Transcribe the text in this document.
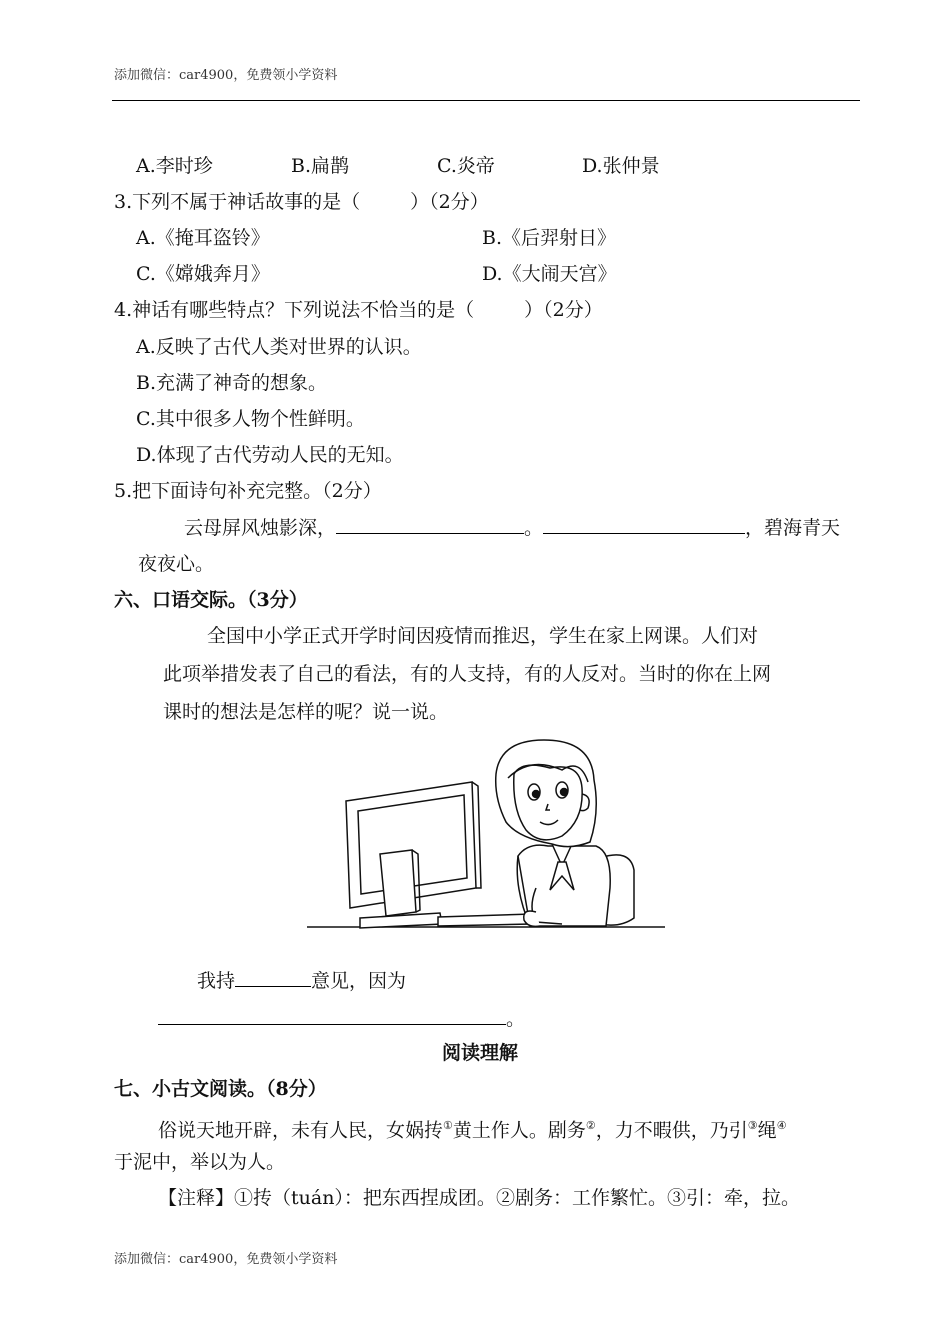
添加微信：car4900，免费领小学资料
A.李时珍	B.扁鹊	C.炎帝	D.张仲景
3.下列不属于神话故事的是（	）（2分）
A.《掩耳盗铃》	B.《后羿射日》
C.《嫦娥奔月》	D.《大闹天宫》
4.神话有哪些特点？下列说法不恰当的是（	）（2分）
A.反映了古代人类对世界的认识。
B.充满了神奇的想象。
C.其中很多人物个性鲜明。
D.体现了古代劳动人民的无知。
5.把下面诗句补充完整。（2分）
云母屏风烛影深，	。	，碧海青天
夜夜心。
六、口语交际。（3分）
全国中小学正式开学时间因疫情而推迟，学生在家上网课。人们对
此项举措发表了自己的看法，有的人支持，有的人反对。当时的你在上网
课时的想法是怎样的呢？说一说。
我持	意见，因为
。
阅读理解
七、小古文阅读。（8分）
俗说天地开辟，未有人民，女娲抟①黄土作人。剧务②，力不暇供，乃引③绳④
于泥中，举以为人。
【注释】①抟（tuán）：把东西捏成团。②剧务：工作繁忙。③引：牵，拉。
添加微信：car4900，免费领小学资料
